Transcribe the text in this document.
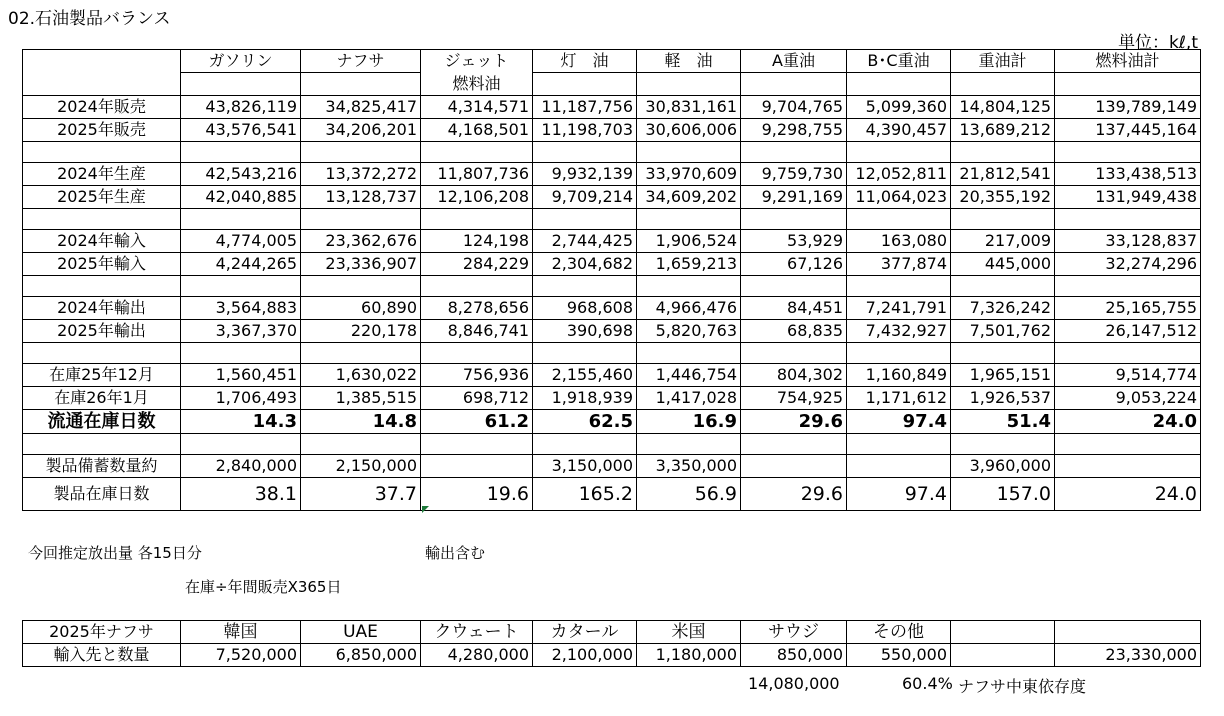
02.石油製品バランス
単位：kℓ,t
	ガソリン	ナフサ	ジェット	灯　油	軽　油	A重油	B･C重油	重油計	燃料油計
			燃料油						
2024年販売	43,826,119	34,825,417	4,314,571	11,187,756	30,831,161	9,704,765	5,099,360	14,804,125	139,789,149
2025年販売	43,576,541	34,206,201	4,168,501	11,198,703	30,606,006	9,298,755	4,390,457	13,689,212	137,445,164

2024年生産	42,543,216	13,372,272	11,807,736	9,932,139	33,970,609	9,759,730	12,052,811	21,812,541	133,438,513
2025年生産	42,040,885	13,128,737	12,106,208	9,709,214	34,609,202	9,291,169	11,064,023	20,355,192	131,949,438

2024年輸入	4,774,005	23,362,676	124,198	2,744,425	1,906,524	53,929	163,080	217,009	33,128,837
2025年輸入	4,244,265	23,336,907	284,229	2,304,682	1,659,213	67,126	377,874	445,000	32,274,296

2024年輸出	3,564,883	60,890	8,278,656	968,608	4,966,476	84,451	7,241,791	7,326,242	25,165,755
2025年輸出	3,367,370	220,178	8,846,741	390,698	5,820,763	68,835	7,432,927	7,501,762	26,147,512

在庫25年12月	1,560,451	1,630,022	756,936	2,155,460	1,446,754	804,302	1,160,849	1,965,151	9,514,774
在庫26年1月	1,706,493	1,385,515	698,712	1,918,939	1,417,028	754,925	1,171,612	1,926,537	9,053,224
流通在庫日数	14.3	14.8	61.2	62.5	16.9	29.6	97.4	51.4	24.0

製品備蓄数量約	2,840,000	2,150,000		3,150,000	3,350,000			3,960,000	
製品在庫日数	38.1	37.7	19.6	165.2	56.9	29.6	97.4	157.0	24.0
今回推定放出量 各15日分	輸出含む
在庫÷年間販売X365日
2025年ナフサ	韓国	UAE	クウェート	カタール	米国	サウジ	その他		
輸入先と数量	7,520,000	6,850,000	4,280,000	2,100,000	1,180,000	850,000	550,000		23,330,000
14,080,000	60.4% ナフサ中東依存度
